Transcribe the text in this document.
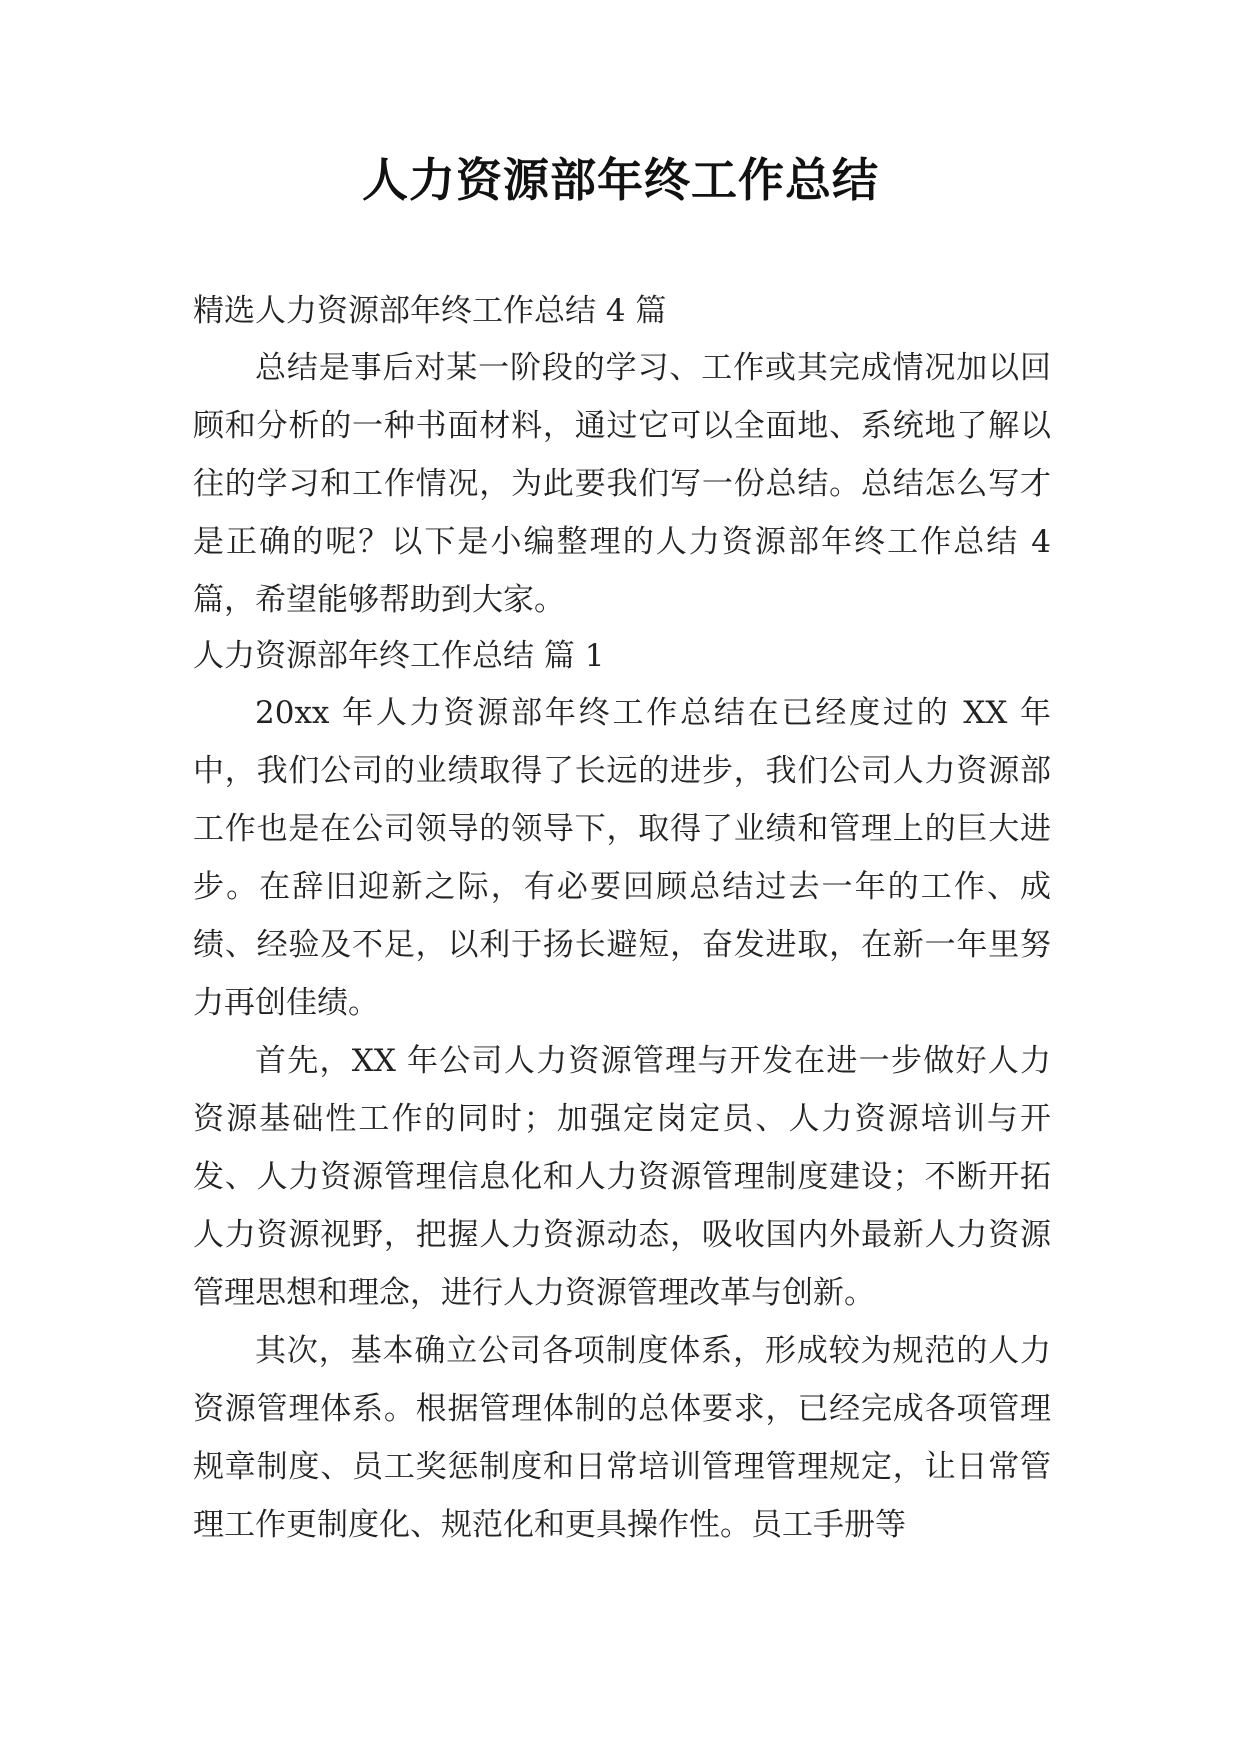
人力资源部年终工作总结

精选人力资源部年终工作总结 4 篇

总结是事后对某一阶段的学习、工作或其完成情况加以回顾和分析的一种书面材料，通过它可以全面地、系统地了解以往的学习和工作情况，为此要我们写一份总结。总结怎么写才是正确的呢？以下是小编整理的人力资源部年终工作总结 4 篇，希望能够帮助到大家。

人力资源部年终工作总结 篇 1

20xx 年人力资源部年终工作总结在已经度过的 XX 年中，我们公司的业绩取得了长远的进步，我们公司人力资源部工作也是在公司领导的领导下，取得了业绩和管理上的巨大进步。在辞旧迎新之际，有必要回顾总结过去一年的工作、成绩、经验及不足，以利于扬长避短，奋发进取，在新一年里努力再创佳绩。

首先，XX 年公司人力资源管理与开发在进一步做好人力资源基础性工作的同时；加强定岗定员、人力资源培训与开发、人力资源管理信息化和人力资源管理制度建设；不断开拓人力资源视野，把握人力资源动态，吸收国内外最新人力资源管理思想和理念，进行人力资源管理改革与创新。

其次，基本确立公司各项制度体系，形成较为规范的人力资源管理体系。根据管理体制的总体要求，已经完成各项管理规章制度、员工奖惩制度和日常培训管理管理规定，让日常管理工作更制度化、规范化和更具操作性。员工手册等
